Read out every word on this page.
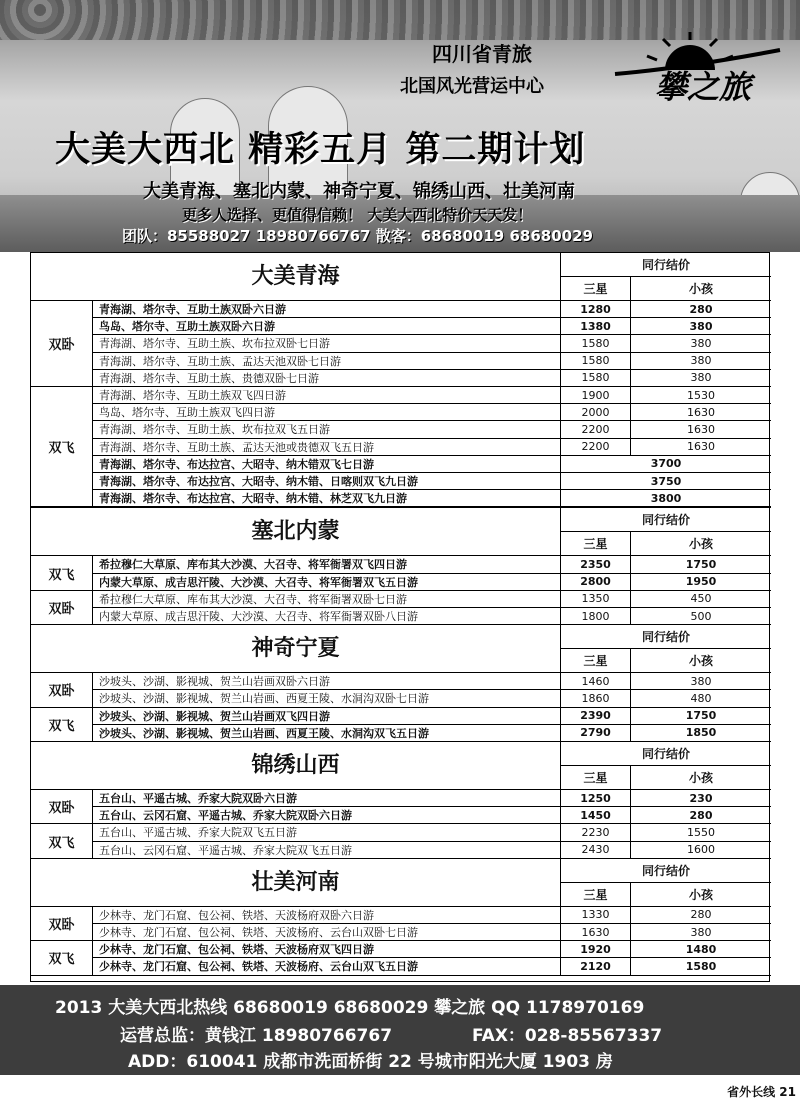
四川省青旅
北国风光营运中心	攀之旅
大美大西北 精彩五月 第二期计划
大美青海、塞北内蒙、神奇宁夏、锦绣山西、壮美河南
更多人选择、更值得信赖！ 大美大西北特价天天发！
团队：85588027 18980766767 散客：68680019 68680029
大美青海	同行结价
三星	小孩
双卧
青海湖、塔尔寺、互助土族双卧六日游	1280	280
鸟岛、塔尔寺、互助土族双卧六日游	1380	380
青海湖、塔尔寺、互助土族、坎布拉双卧七日游	1580	380
青海湖、塔尔寺、互助土族、孟达天池双卧七日游	1580	380
青海湖、塔尔寺、互助土族、贵德双卧七日游	1580	380
双飞
青海湖、塔尔寺、互助土族双飞四日游	1900	1530
鸟岛、塔尔寺、互助土族双飞四日游	2000	1630
青海湖、塔尔寺、互助土族、坎布拉双飞五日游	2200	1630
青海湖、塔尔寺、互助土族、孟达天池或贵德双飞五日游	2200	1630
青海湖、塔尔寺、布达拉宫、大昭寺、纳木错双飞七日游	3700
青海湖、塔尔寺、布达拉宫、大昭寺、纳木错、日喀则双飞九日游	3750
青海湖、塔尔寺、布达拉宫、大昭寺、纳木错、林芝双飞九日游	3800
塞北内蒙	同行结价
三星	小孩
双飞
希拉穆仁大草原、库布其大沙漠、大召寺、将军衙署双飞四日游	2350	1750
内蒙大草原、成吉思汗陵、大沙漠、大召寺、将军衙署双飞五日游	2800	1950
双卧
希拉穆仁大草原、库布其大沙漠、大召寺、将军衙署双卧七日游	1350	450
内蒙大草原、成吉思汗陵、大沙漠、大召寺、将军衙署双卧八日游	1800	500
神奇宁夏	同行结价
三星	小孩
双卧
沙坡头、沙湖、影视城、贺兰山岩画双卧六日游	1460	380
沙坡头、沙湖、影视城、贺兰山岩画、西夏王陵、水洞沟双卧七日游	1860	480
双飞
沙坡头、沙湖、影视城、贺兰山岩画双飞四日游	2390	1750
沙坡头、沙湖、影视城、贺兰山岩画、西夏王陵、水洞沟双飞五日游	2790	1850
锦绣山西	同行结价
三星	小孩
双卧
五台山、平遥古城、乔家大院双卧六日游	1250	230
五台山、云冈石窟、平遥古城、乔家大院双卧六日游	1450	280
双飞
五台山、平遥古城、乔家大院双飞五日游	2230	1550
五台山、云冈石窟、平遥古城、乔家大院双飞五日游	2430	1600
壮美河南	同行结价
三星	小孩
双卧
少林寺、龙门石窟、包公祠、铁塔、天波杨府双卧六日游	1330	280
少林寺、龙门石窟、包公祠、铁塔、天波杨府、云台山双卧七日游	1630	380
双飞
少林寺、龙门石窟、包公祠、铁塔、天波杨府双飞四日游	1920	1480
少林寺、龙门石窟、包公祠、铁塔、天波杨府、云台山双飞五日游	2120	1580
2013 大美大西北热线 68680019 68680029 攀之旅 QQ 1178970169
运营总监：黄钱江 18980766767	FAX：028-85567337
ADD：610041 成都市洗面桥街 22 号城市阳光大厦 1903 房
省外长线 21
